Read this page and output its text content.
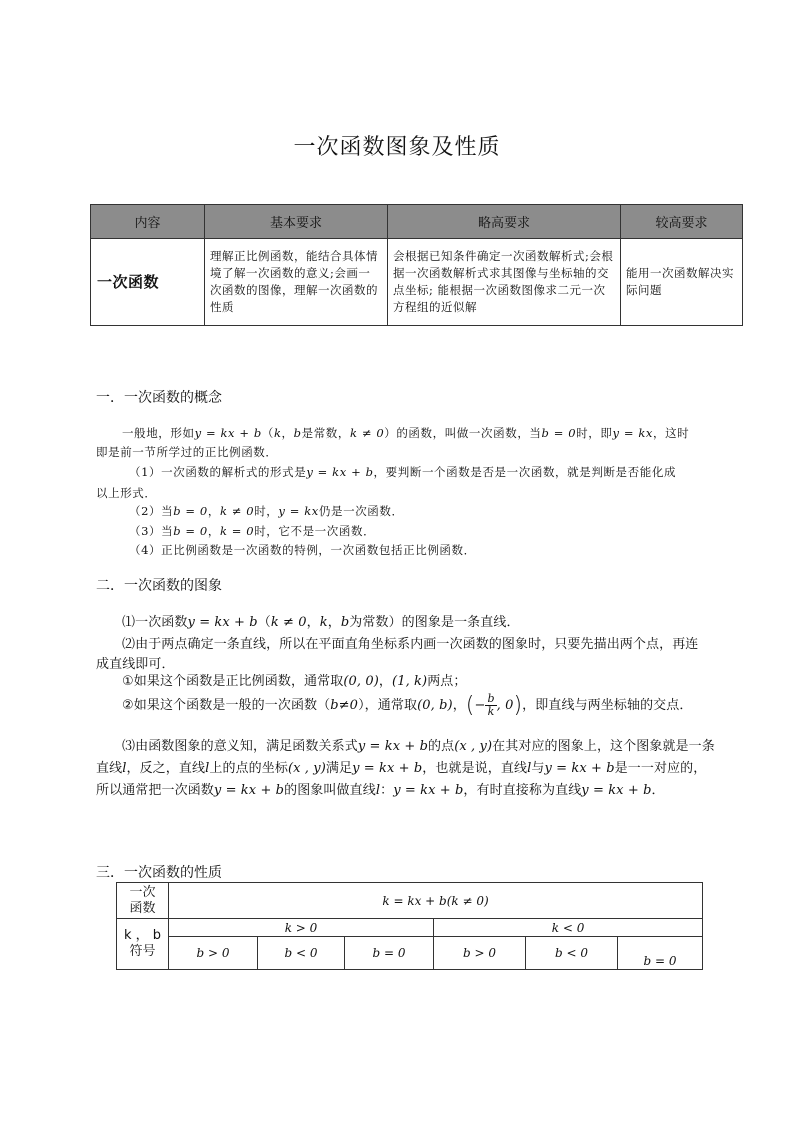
一次函数图象及性质
内容	基本要求	略高要求	较高要求
一次函数	理解正比例函数，能结合具体情境了解一次函数的意义;会画一次函数的图像，理解一次函数的性质	会根据已知条件确定一次函数解析式;会根据一次函数解析式求其图像与坐标轴的交点坐标; 能根据一次函数图像求二元一次方程组的近似解	能用一次函数解决实际问题
一．一次函数的概念
一般地，形如y = kx + b（k，b是常数，k ≠ 0）的函数，叫做一次函数，当b = 0时，即y = kx，这时
即是前一节所学过的正比例函数．
（1）一次函数的解析式的形式是y = kx + b，要判断一个函数是否是一次函数，就是判断是否能化成
以上形式．
（2）当b = 0，k ≠ 0时，y = kx仍是一次函数．
（3）当b = 0，k = 0时，它不是一次函数．
（4）正比例函数是一次函数的特例，一次函数包括正比例函数．
二．一次函数的图象
⑴一次函数y = kx + b（k ≠ 0，k，b为常数）的图象是一条直线．
⑵由于两点确定一条直线，所以在平面直角坐标系内画一次函数的图象时，只要先描出两个点，再连
成直线即可．
①如果这个函数是正比例函数，通常取(0, 0)，(1, k)两点；
②如果这个函数是一般的一次函数（b≠0），通常取(0, b)，(− $\frac{b}{k}$ , 0)，即直线与两坐标轴的交点．
⑶由函数图象的意义知，满足函数关系式y = kx + b的点(x , y)在其对应的图象上，这个图象就是一条
直线l，反之，直线l上的点的坐标(x , y)满足y = kx + b，也就是说，直线l与y = kx + b是一一对应的，
所以通常把一次函数y = kx + b的图象叫做直线l：y = kx + b，有时直接称为直线y = kx + b．
三．一次函数的性质
一次
函数	k = kx + b(k ≠ 0)					
k ， b
符号	k > 0			k < 0		
	b > 0	b < 0	b = 0	b > 0	b < 0	b = 0
